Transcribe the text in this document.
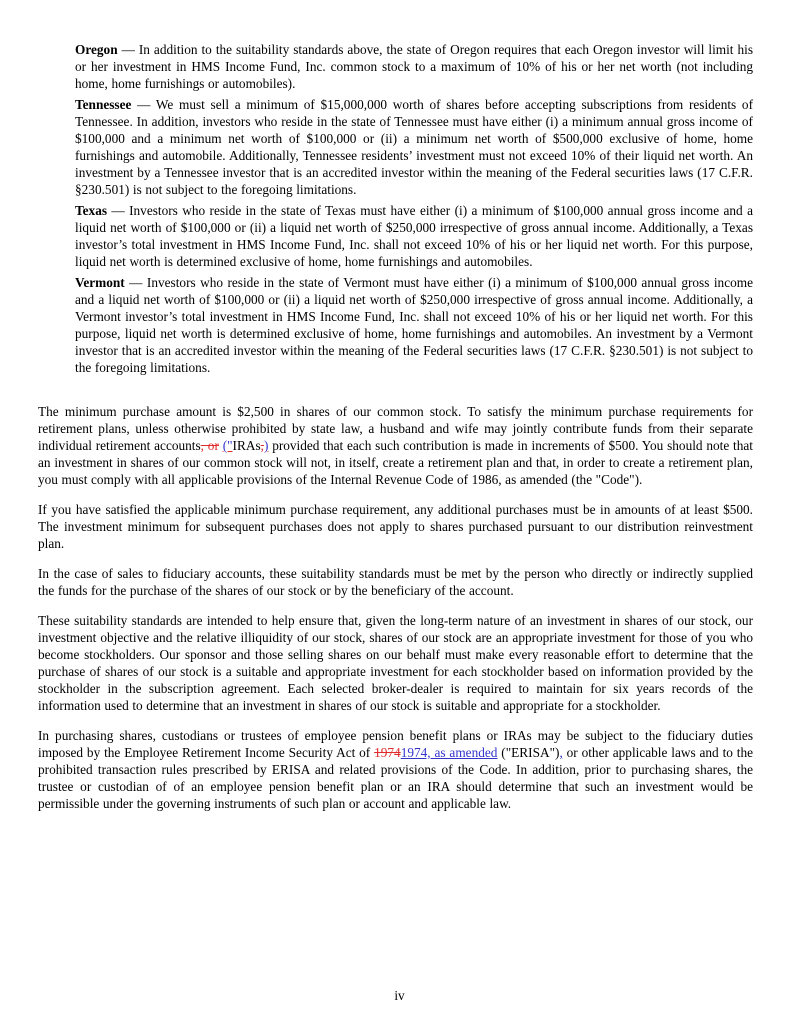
Oregon — In addition to the suitability standards above, the state of Oregon requires that each Oregon investor will limit his or her investment in HMS Income Fund, Inc. common stock to a maximum of 10% of his or her net worth (not including home, home furnishings or automobiles).
Tennessee — We must sell a minimum of $15,000,000 worth of shares before accepting subscriptions from residents of Tennessee. In addition, investors who reside in the state of Tennessee must have either (i) a minimum annual gross income of $100,000 and a minimum net worth of $100,000 or (ii) a minimum net worth of $500,000 exclusive of home, home furnishings and automobile. Additionally, Tennessee residents’ investment must not exceed 10% of their liquid net worth. An investment by a Tennessee investor that is an accredited investor within the meaning of the Federal securities laws (17 C.F.R. §230.501) is not subject to the foregoing limitations.
Texas — Investors who reside in the state of Texas must have either (i) a minimum of $100,000 annual gross income and a liquid net worth of $100,000 or (ii) a liquid net worth of $250,000 irrespective of gross annual income. Additionally, a Texas investor’s total investment in HMS Income Fund, Inc. shall not exceed 10% of his or her liquid net worth. For this purpose, liquid net worth is determined exclusive of home, home furnishings and automobiles.
Vermont — Investors who reside in the state of Vermont must have either (i) a minimum of $100,000 annual gross income and a liquid net worth of $100,000 or (ii) a liquid net worth of $250,000 irrespective of gross annual income. Additionally, a Vermont investor’s total investment in HMS Income Fund, Inc. shall not exceed 10% of his or her liquid net worth. For this purpose, liquid net worth is determined exclusive of home, home furnishings and automobiles. An investment by a Vermont investor that is an accredited investor within the meaning of the Federal securities laws (17 C.F.R. §230.501) is not subject to the foregoing limitations.
The minimum purchase amount is $2,500 in shares of our common stock. To satisfy the minimum purchase requirements for retirement plans, unless otherwise prohibited by state law, a husband and wife may jointly contribute funds from their separate individual retirement accounts, or ("IRAs,) provided that each such contribution is made in increments of $500. You should note that an investment in shares of our common stock will not, in itself, create a retirement plan and that, in order to create a retirement plan, you must comply with all applicable provisions of the Internal Revenue Code of 1986, as amended (the "Code").
If you have satisfied the applicable minimum purchase requirement, any additional purchases must be in amounts of at least $500. The investment minimum for subsequent purchases does not apply to shares purchased pursuant to our distribution reinvestment plan.
In the case of sales to fiduciary accounts, these suitability standards must be met by the person who directly or indirectly supplied the funds for the purchase of the shares of our stock or by the beneficiary of the account.
These suitability standards are intended to help ensure that, given the long-term nature of an investment in shares of our stock, our investment objective and the relative illiquidity of our stock, shares of our stock are an appropriate investment for those of you who become stockholders. Our sponsor and those selling shares on our behalf must make every reasonable effort to determine that the purchase of shares of our stock is a suitable and appropriate investment for each stockholder based on information provided by the stockholder in the subscription agreement. Each selected broker-dealer is required to maintain for six years records of the information used to determine that an investment in shares of our stock is suitable and appropriate for a stockholder.
In purchasing shares, custodians or trustees of employee pension benefit plans or IRAs may be subject to the fiduciary duties imposed by the Employee Retirement Income Security Act of 19741974, as amended ("ERISA"), or other applicable laws and to the prohibited transaction rules prescribed by ERISA and related provisions of the Code. In addition, prior to purchasing shares, the trustee or custodian of of an employee pension benefit plan or an IRA should determine that such an investment would be permissible under the governing instruments of such plan or account and applicable law.
iv
